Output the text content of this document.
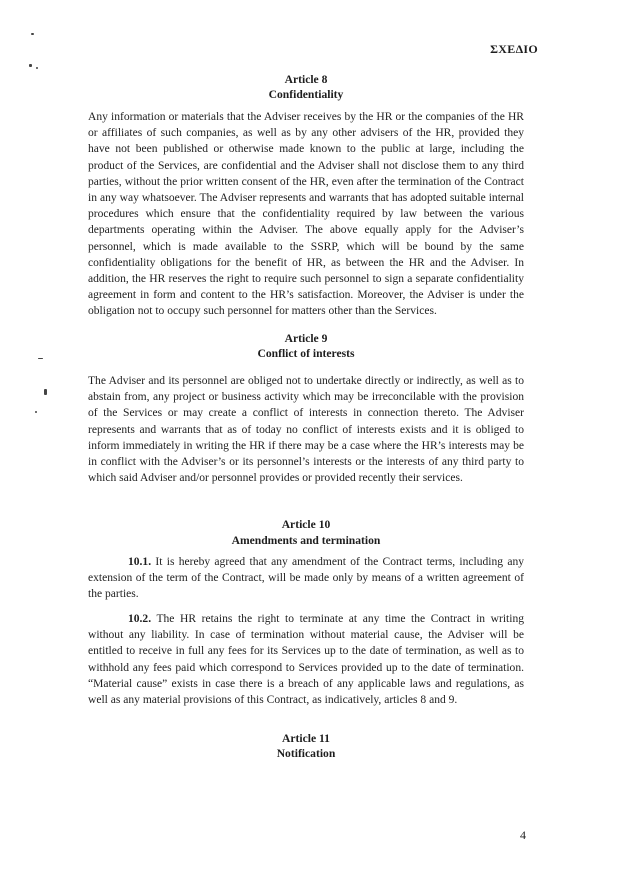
ΣΧΕΔΙΟ
Article 8
Confidentiality

Any information or materials that the Adviser receives by the HR or the companies of the HR or affiliates of such companies, as well as by any other advisers of the HR, provided they have not been published or otherwise made known to the public at large, including the product of the Services, are confidential and the Adviser shall not disclose them to any third parties, without the prior written consent of the HR, even after the termination of the Contract in any way whatsoever. The Adviser represents and warrants that has adopted suitable internal procedures which ensure that the confidentiality required by law between the various departments operating within the Adviser. The above equally apply for the Adviser’s personnel, which is made available to the SSRP, which will be bound by the same confidentiality obligations for the benefit of HR, as between the HR and the Adviser. In addition, the HR reserves the right to require such personnel to sign a separate confidentiality agreement in form and content to the HR’s satisfaction. Moreover, the Adviser is under the obligation not to occupy such personnel for matters other than the Services.

Article 9
Conflict of interests

The Adviser and its personnel are obliged not to undertake directly or indirectly, as well as to abstain from, any project or business activity which may be irreconcilable with the provision of the Services or may create a conflict of interests in connection thereto. The Adviser represents and warrants that as of today no conflict of interests exists and it is obliged to inform immediately in writing the HR if there may be a case where the HR’s interests may be in conflict with the Adviser’s or its personnel’s interests or the interests of any third party to which said Adviser and/or personnel provides or provided recently their services.

Article 10
Amendments and termination

10.1. It is hereby agreed that any amendment of the Contract terms, including any extension of the term of the Contract, will be made only by means of a written agreement of the parties.

10.2. The HR retains the right to terminate at any time the Contract in writing without any liability. In case of termination without material cause, the Adviser will be entitled to receive in full any fees for its Services up to the date of termination, as well as to withhold any fees paid which correspond to Services provided up to the date of termination. “Material cause” exists in case there is a breach of any applicable laws and regulations, as well as any material provisions of this Contract, as indicatively, articles 8 and 9.

Article 11
Notification
4
